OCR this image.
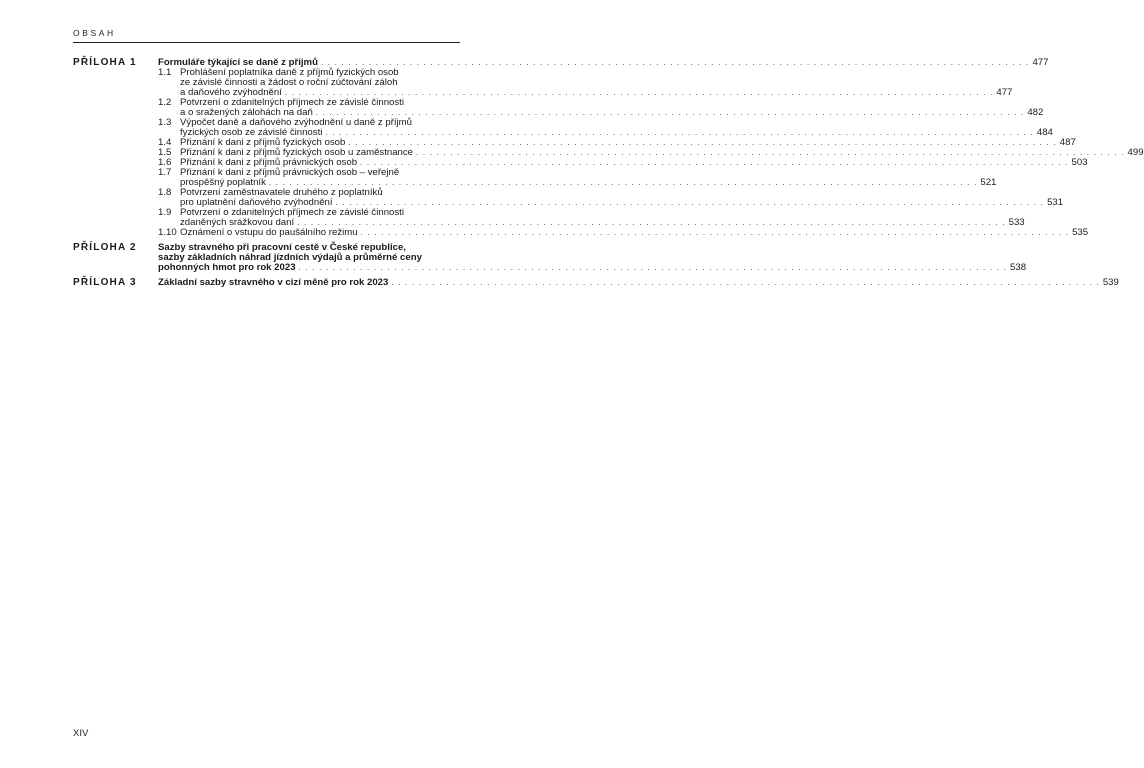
OBSAH
PŘÍLOHA 1 Formuláře týkající se daně z příjmů . . .	477
1.1 Prohlášení poplatníka daně z příjmů fyzických osob
ze závislé činnosti a žádost o roční zúčtování záloh
a daňového zvýhodnění . . .	477
1.2 Potvrzení o zdanitelných příjmech ze závislé činnosti
a o sražených zálohách na daň . . .	482
1.3 Výpočet daně a daňového zvýhodnění u daně z příjmů
fyzických osob ze závislé činnosti . . .	484
1.4 Přiznání k dani z příjmů fyzických osob . . .	487
1.5 Přiznání k dani z příjmů fyzických osob u zaměstnance . . .	499
1.6 Přiznání k dani z příjmů právnických osob . . .	503
1.7 Přiznání k dani z příjmů právnických osob – veřejně
prospěšný poplatník . . .	521
1.8 Potvrzení zaměstnavatele druhého z poplatníků
pro uplatnění daňového zvýhodnění . . .	531
1.9 Potvrzení o zdanitelných příjmech ze závislé činnosti
zdaněných srážkovou daní . . .	533
1.10 Oznámení o vstupu do paušálního režimu . . .	535
PŘÍLOHA 2 Sazby stravného při pracovní cestě v České republice,
sazby základních náhrad jízdních výdajů a průměrné ceny
pohonných hmot pro rok 2023 . . .	538
PŘÍLOHA 3 Základní sazby stravného v cizí měně pro rok 2023 . . .	539
XIV
